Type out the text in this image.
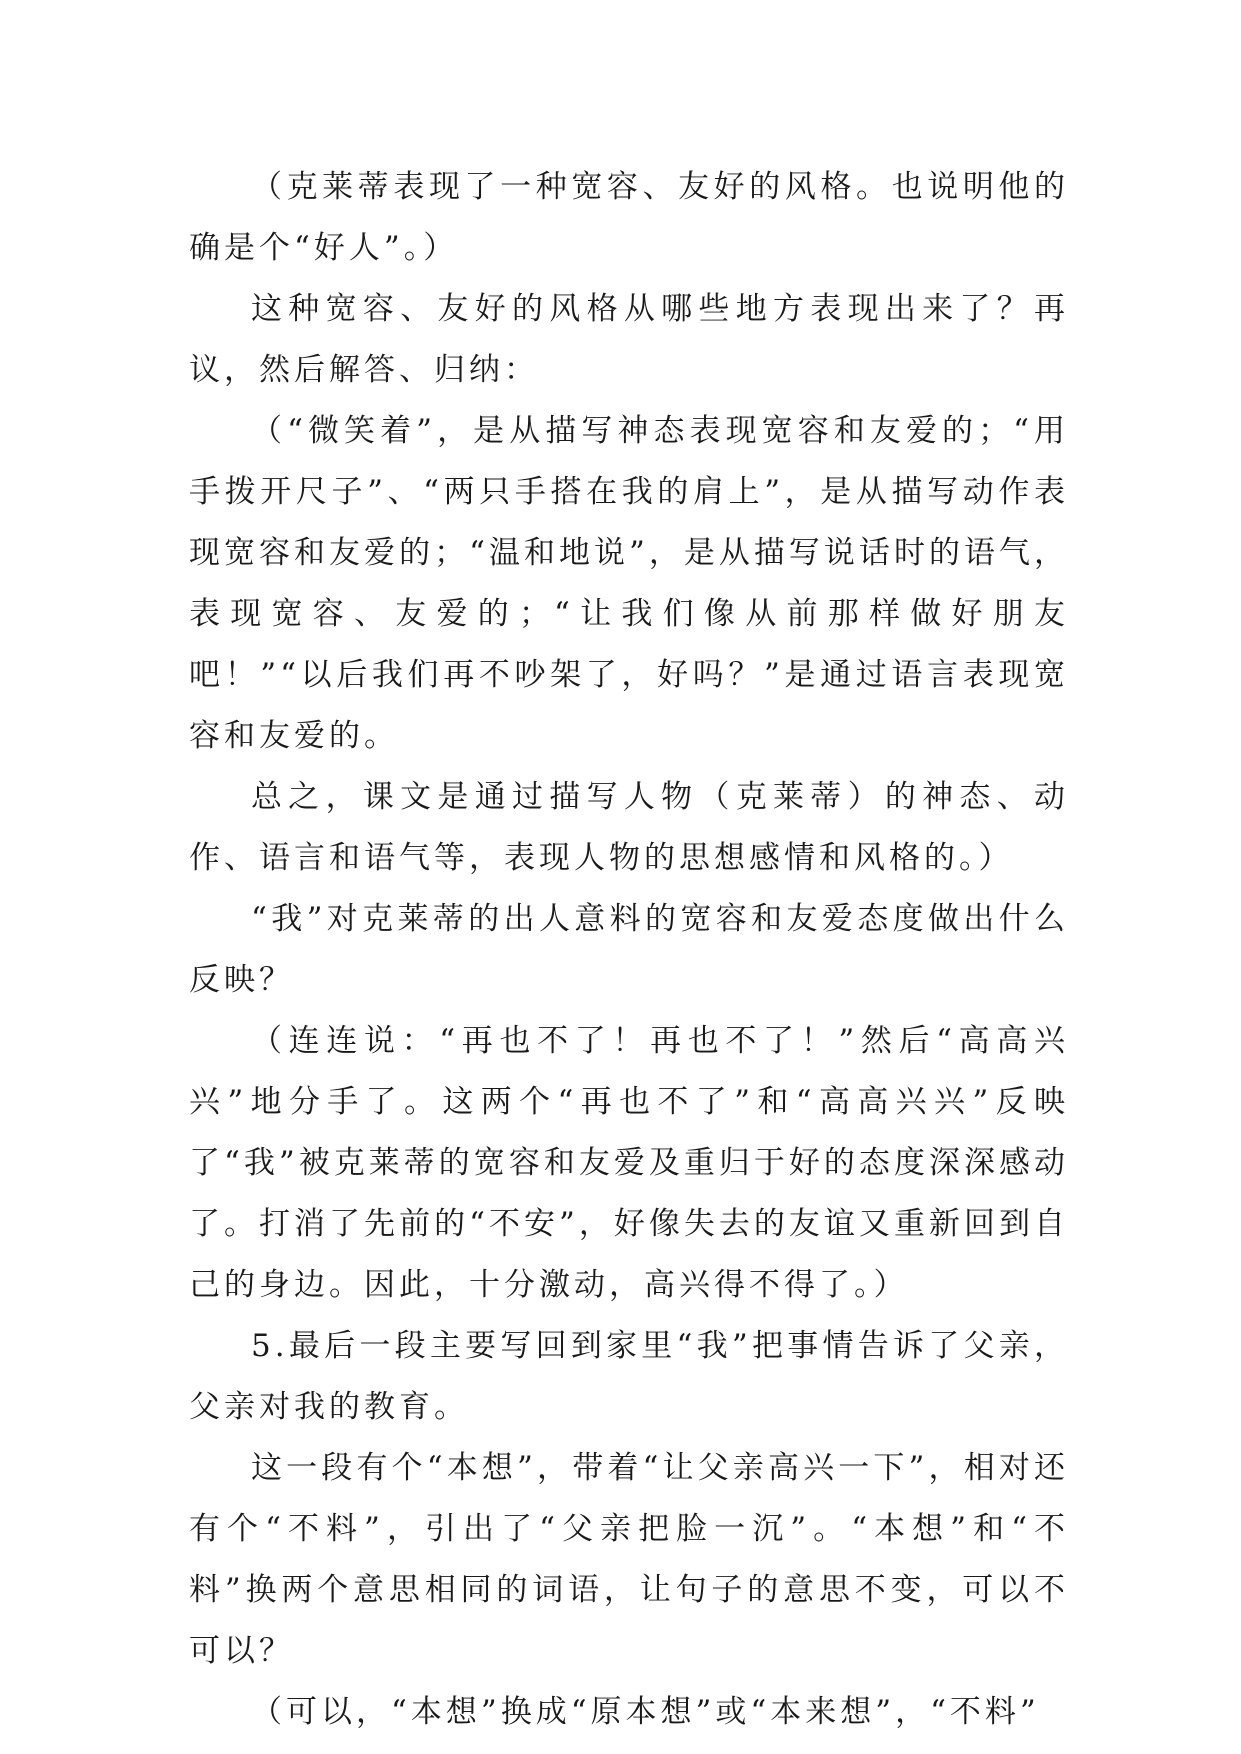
（克莱蒂表现了一种宽容、友好的风格。也说明他的确是个“好人”。）

这种宽容、友好的风格从哪些地方表现出来了？再议，然后解答、归纳：

（“微笑着”，是从描写神态表现宽容和友爱的；“用手拨开尺子”、“两只手搭在我的肩上”，是从描写动作表现宽容和友爱的；“温和地说”，是从描写说话时的语气，表现宽容、友爱的；“让我们像从前那样做好朋友吧！”“以后我们再不吵架了，好吗？”是通过语言表现宽容和友爱的。

总之，课文是通过描写人物（克莱蒂）的神态、动作、语言和语气等，表现人物的思想感情和风格的。）

“我”对克莱蒂的出人意料的宽容和友爱态度做出什么反映？

（连连说：“再也不了！再也不了！”然后“高高兴兴”地分手了。这两个“再也不了”和“高高兴兴”反映了“我”被克莱蒂的宽容和友爱及重归于好的态度深深感动了。打消了先前的“不安”，好像失去的友谊又重新回到自己的身边。因此，十分激动，高兴得不得了。）

5.最后一段主要写回到家里“我”把事情告诉了父亲，父亲对我的教育。

这一段有个“本想”，带着“让父亲高兴一下”，相对还有个“不料”，引出了“父亲把脸一沉”。“本想”和“不料”换两个意思相同的词语，让句子的意思不变，可以不可以？

（可以，“本想”换成“原本想”或“本来想”，“不料”
